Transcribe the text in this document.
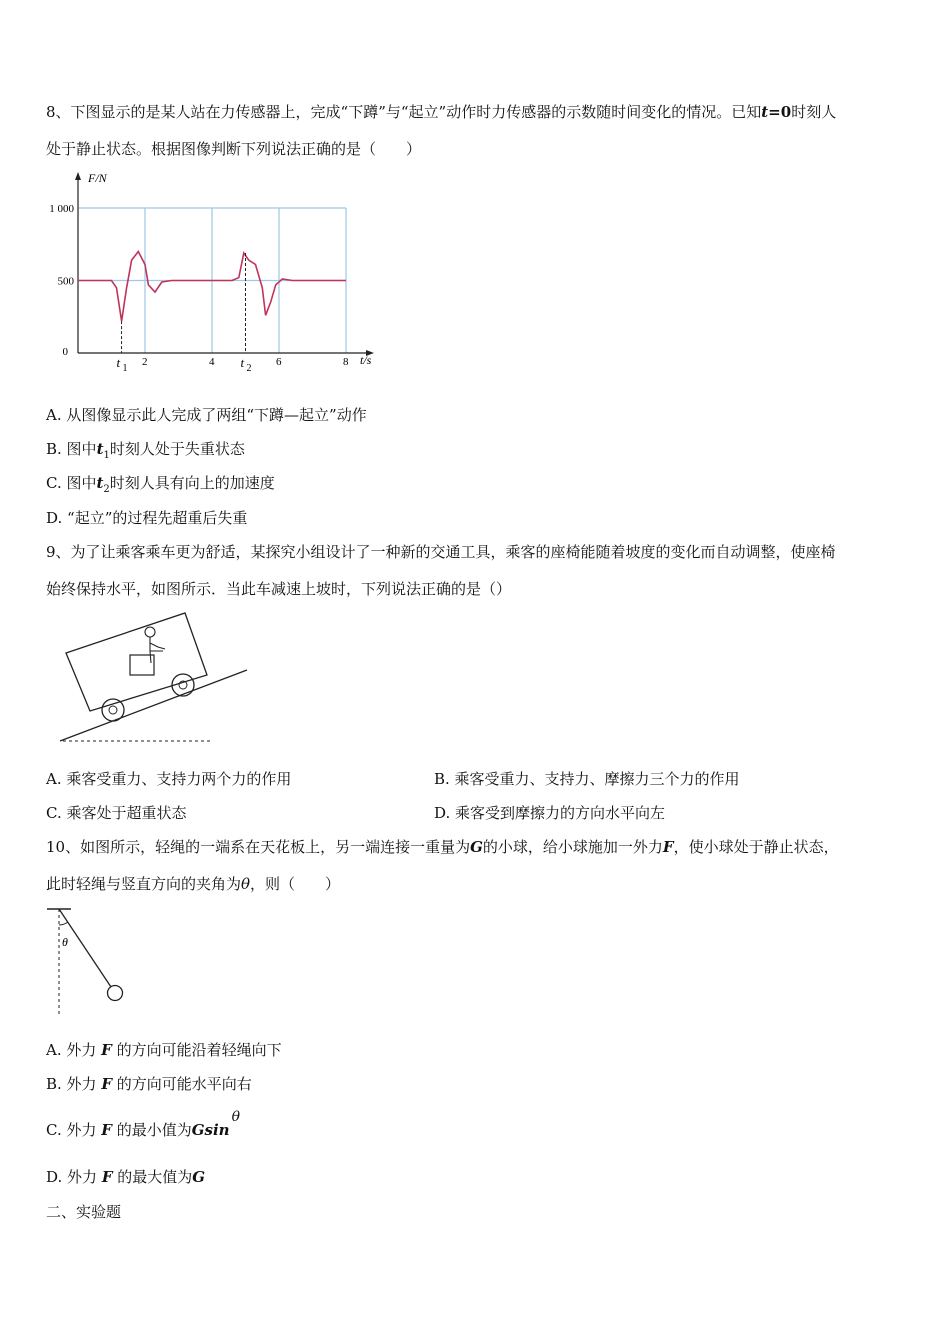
8、下图显示的是某人站在力传感器上，完成“下蹲”与“起立”动作时力传感器的示数随时间变化的情况。已知t=0时刻人
处于静止状态。根据图像判断下列说法正确的是（　　）
F/N
t/s
2	4	6	8
1 000
500
0
t 1	t 2
A. 从图像显示此人完成了两组“下蹲—起立”动作
B. 图中$t_1$时刻人处于失重状态
C. 图中$t_2$时刻人具有向上的加速度
D. “起立”的过程先超重后失重
9、为了让乘客乘车更为舒适，某探究小组设计了一种新的交通工具，乘客的座椅能随着坡度的变化而自动调整，使座椅
始终保持水平，如图所示．当此车减速上坡时，下列说法正确的是（）
A. 乘客受重力、支持力两个力的作用	B. 乘客受重力、支持力、摩擦力三个力的作用
C. 乘客处于超重状态	D. 乘客受到摩擦力的方向水平向左
10、如图所示，轻绳的一端系在天花板上，另一端连接一重量为G的小球，给小球施加一外力F，使小球处于静止状态，
此时轻绳与竖直方向的夹角为θ，则（　　）
θ
A. 外力 F 的方向可能沿着轻绳向下
B. 外力 F 的方向可能水平向右
C. 外力 F 的最小值为Gsinθ
D. 外力 F 的最大值为G
二、实验题
